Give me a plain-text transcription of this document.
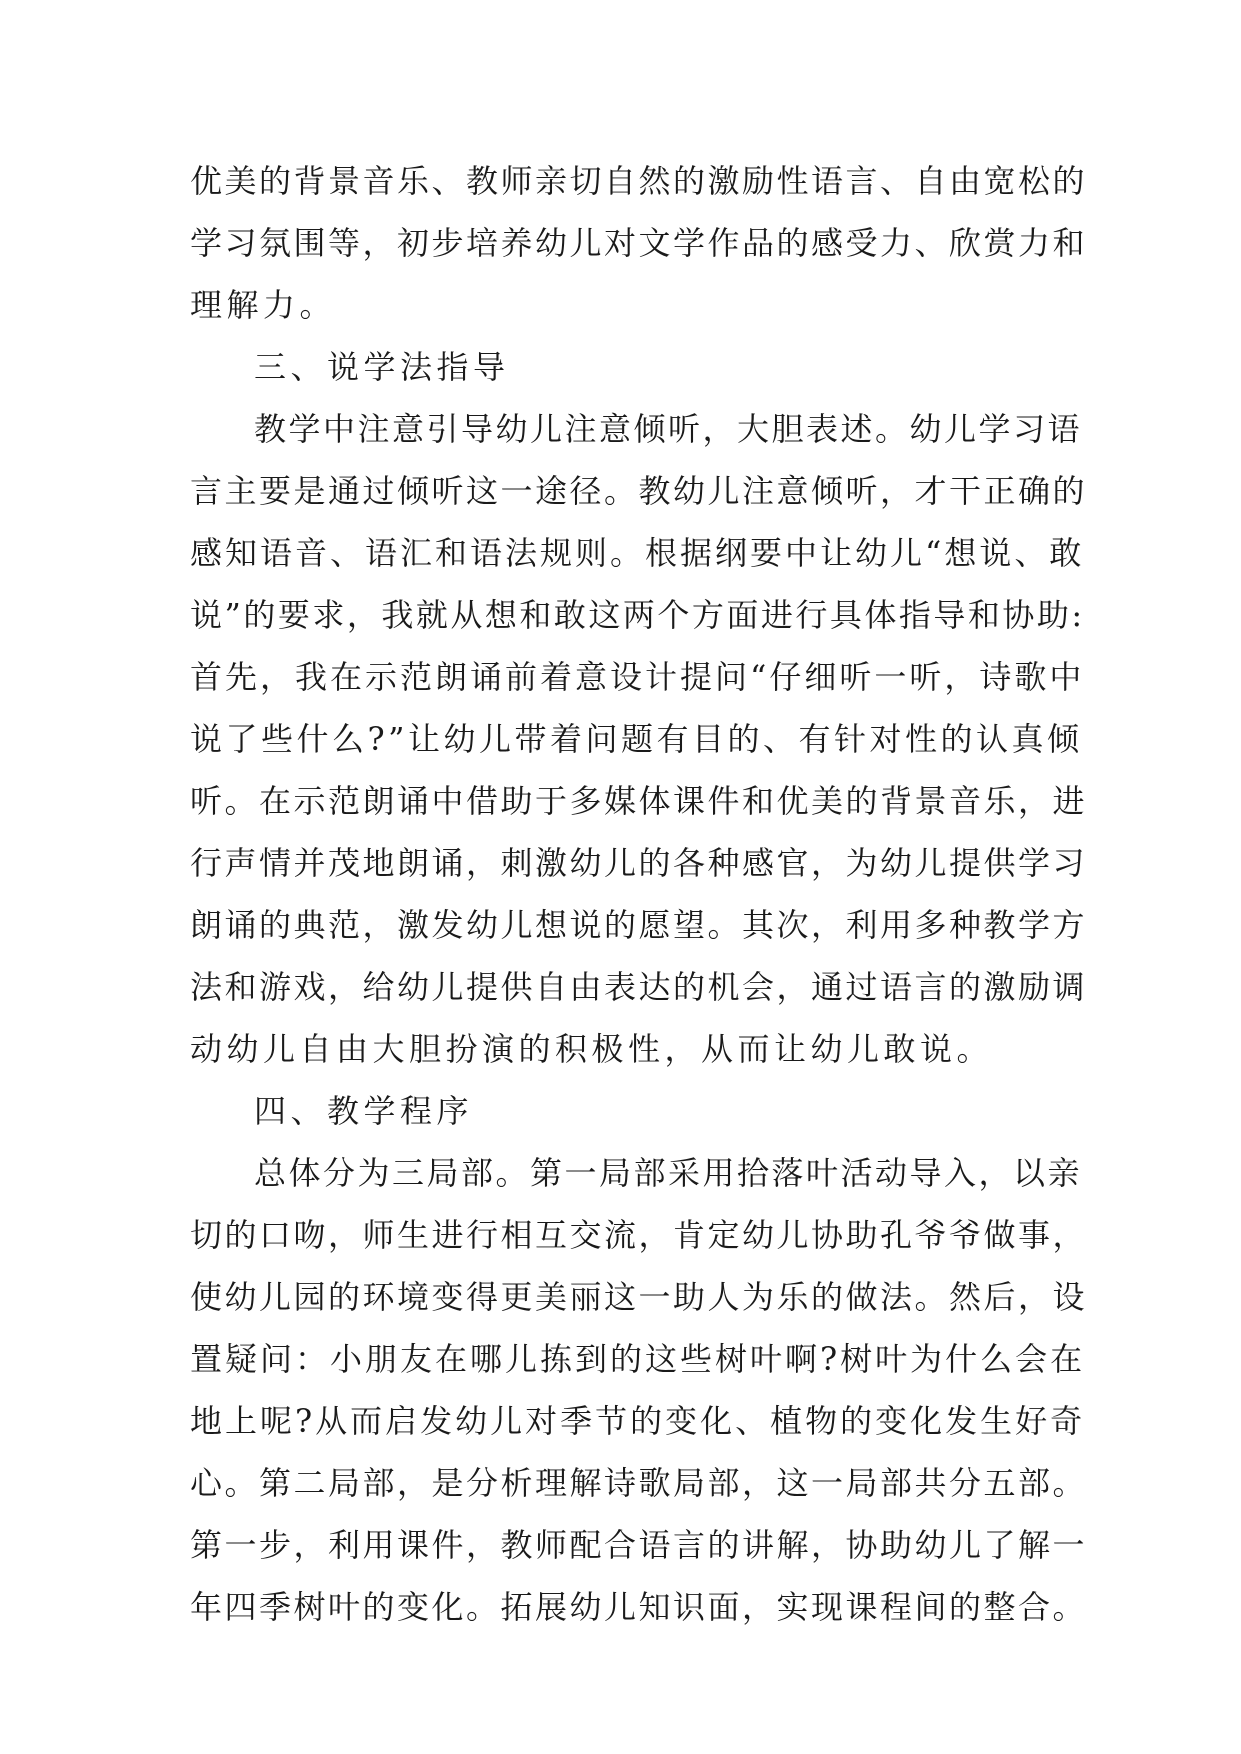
优美的背景音乐、教师亲切自然的激励性语言、自由宽松的
学习氛围等，初步培养幼儿对文学作品的感受力、欣赏力和
理解力。
三、说学法指导
教学中注意引导幼儿注意倾听，大胆表述。幼儿学习语
言主要是通过倾听这一途径。教幼儿注意倾听，才干正确的
感知语音、语汇和语法规则。根据纲要中让幼儿“想说、敢
说”的要求，我就从想和敢这两个方面进行具体指导和协助:
首先，我在示范朗诵前着意设计提问“仔细听一听，诗歌中
说了些什么?”让幼儿带着问题有目的、有针对性的认真倾
听。在示范朗诵中借助于多媒体课件和优美的背景音乐，进
行声情并茂地朗诵，刺激幼儿的各种感官，为幼儿提供学习
朗诵的典范，激发幼儿想说的愿望。其次，利用多种教学方
法和游戏，给幼儿提供自由表达的机会，通过语言的激励调
动幼儿自由大胆扮演的积极性，从而让幼儿敢说。
四、教学程序
总体分为三局部。第一局部采用拾落叶活动导入，以亲
切的口吻，师生进行相互交流，肯定幼儿协助孔爷爷做事，
使幼儿园的环境变得更美丽这一助人为乐的做法。然后，设
置疑问：小朋友在哪儿拣到的这些树叶啊?树叶为什么会在
地上呢?从而启发幼儿对季节的变化、植物的变化发生好奇
心。第二局部，是分析理解诗歌局部，这一局部共分五部。
第一步，利用课件，教师配合语言的讲解，协助幼儿了解一
年四季树叶的变化。拓展幼儿知识面，实现课程间的整合。
